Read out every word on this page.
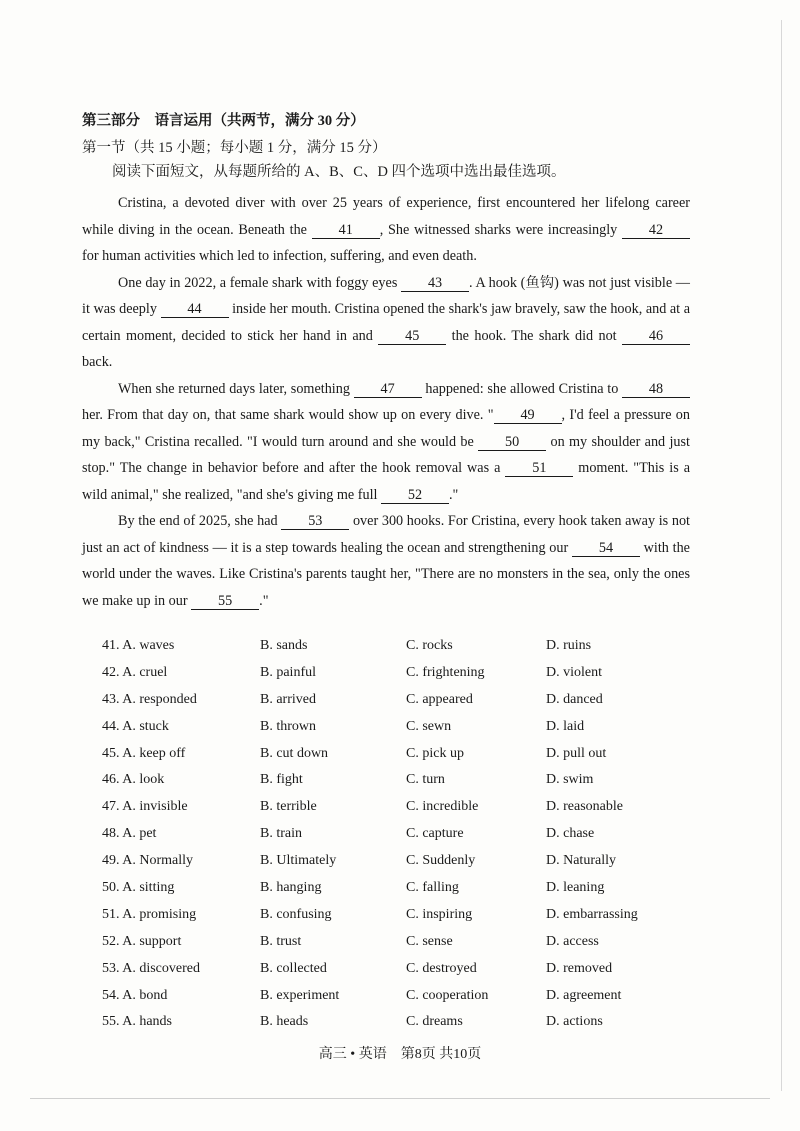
第三部分　语言运用（共两节，满分 30 分）
第一节（共 15 小题；每小题 1 分，满分 15 分）
阅读下面短文，从每题所给的 A、B、C、D 四个选项中选出最佳选项。

Cristina, a devoted diver with over 25 years of experience, first encountered her lifelong career while diving in the ocean. Beneath the 41 , She witnessed sharks were increasingly 42 for human activities which led to infection, suffering, and even death.

One day in 2022, a female shark with foggy eyes 43 . A hook (鱼钩) was not just visible — it was deeply 44 inside her mouth. Cristina opened the shark's jaw bravely, saw the hook, and at a certain moment, decided to stick her hand in and 45 the hook. The shark did not 46 back.

When she returned days later, something 47 happened: she allowed Cristina to 48 her. From that day on, that same shark would show up on every dive. " 49 , I'd feel a pressure on my back," Cristina recalled. "I would turn around and she would be 50 on my shoulder and just stop." The change in behavior before and after the hook removal was a 51 moment. "This is a wild animal," she realized, "and she's giving me full 52 ."

By the end of 2025, she had 53 over 300 hooks. For Cristina, every hook taken away is not just an act of kindness — it is a step towards healing the ocean and strengthening our 54 with the world under the waves. Like Cristina's parents taught her, "There are no monsters in the sea, only the ones we make up in our 55 ."

41. A. waves	B. sands	C. rocks	D. ruins
42. A. cruel	B. painful	C. frightening	D. violent
43. A. responded	B. arrived	C. appeared	D. danced
44. A. stuck	B. thrown	C. sewn	D. laid
45. A. keep off	B. cut down	C. pick up	D. pull out
46. A. look	B. fight	C. turn	D. swim
47. A. invisible	B. terrible	C. incredible	D. reasonable
48. A. pet	B. train	C. capture	D. chase
49. A. Normally	B. Ultimately	C. Suddenly	D. Naturally
50. A. sitting	B. hanging	C. falling	D. leaning
51. A. promising	B. confusing	C. inspiring	D. embarrassing
52. A. support	B. trust	C. sense	D. access
53. A. discovered	B. collected	C. destroyed	D. removed
54. A. bond	B. experiment	C. cooperation	D. agreement
55. A. hands	B. heads	C. dreams	D. actions
高三 • 英语　第8页 共10页
